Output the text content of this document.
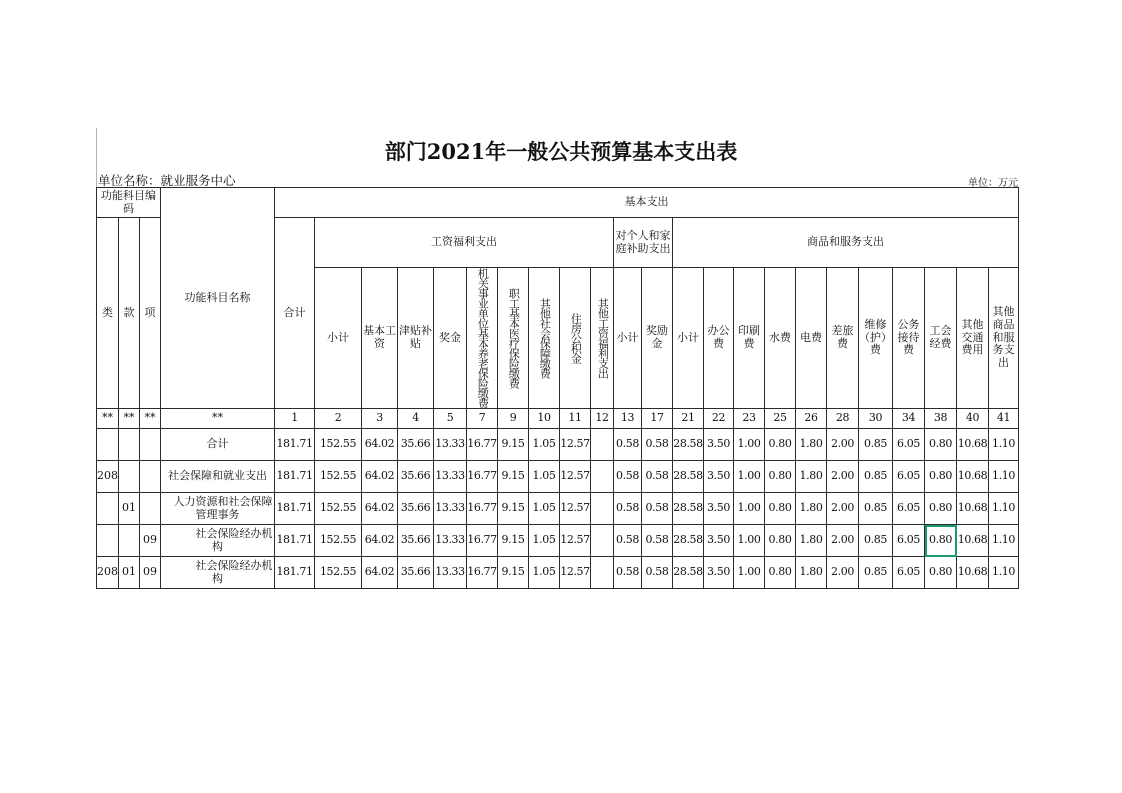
部门2021年一般公共预算基本支出表
单位名称：就业服务中心	单位：万元
功能科目编码			功能科目名称	基本支出																						
类	款	项		合计	工资福利支出									对个人和家庭补助支出		商品和服务支出										
					小计	基本工资	津贴补贴	奖金	机关事业单位基本养老保险缴费	职工基本医疗保险缴费	其他社会保障缴费	住房公积金	其他工资福利支出	小计	奖励金	小计	办公费	印刷费	水费	电费	差旅费	维修（护）费	公务接待费	工会经费	其他交通费用	其他商品和服务支出
**	**	**	**	1	2	3	4	5	7	9	10	11	12	13	17	21	22	23	25	26	28	30	34	38	40	41
			合计	181.71	152.55	64.02	35.66	13.33	16.77	9.15	1.05	12.57		0.58	0.58	28.58	3.50	1.00	0.80	1.80	2.00	0.85	6.05	0.80	10.68	1.10
208			社会保障和就业支出	181.71	152.55	64.02	35.66	13.33	16.77	9.15	1.05	12.57		0.58	0.58	28.58	3.50	1.00	0.80	1.80	2.00	0.85	6.05	0.80	10.68	1.10
	01		　人力资源和社会保障管理事务	181.71	152.55	64.02	35.66	13.33	16.77	9.15	1.05	12.57		0.58	0.58	28.58	3.50	1.00	0.80	1.80	2.00	0.85	6.05	0.80	10.68	1.10
		09	　　　社会保险经办机构	181.71	152.55	64.02	35.66	13.33	16.77	9.15	1.05	12.57		0.58	0.58	28.58	3.50	1.00	0.80	1.80	2.00	0.85	6.05	0.80	10.68	1.10
208	01	09	　　　社会保险经办机构	181.71	152.55	64.02	35.66	13.33	16.77	9.15	1.05	12.57		0.58	0.58	28.58	3.50	1.00	0.80	1.80	2.00	0.85	6.05	0.80	10.68	1.10
